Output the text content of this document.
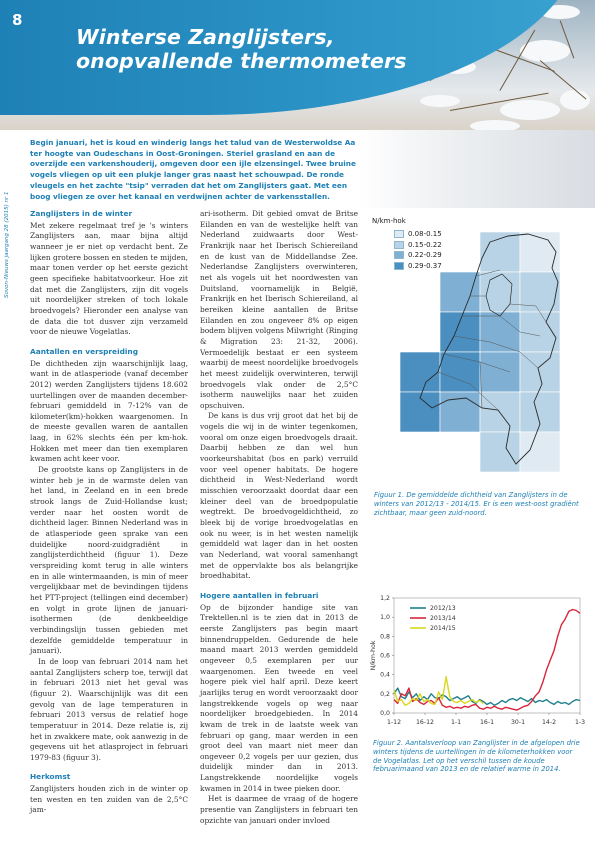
8
Winterse Zanglijsters,
onopvallende thermometers
Sovon-Nieuws jaargang 28 (2015) nr 1
Begin januari, het is koud en winderig langs het talud van de Westerwoldse Aa ter hoogte van Oudeschans in Oost-Groningen. Steriel grasland en aan de overzijde een varkenshouderij, omgeven door een ijle elzensingel. Twee bruine vogels vliegen op uit een plukje langer gras naast het schouwpad. De ronde vleugels en het zachte "tsip" verraden dat het om Zanglijsters gaat. Met een boog vliegen ze over het kanaal en verdwijnen achter de varkensstallen.
Zanglijsters in de winter

Met zekere regelmaat tref je 's winters Zanglijsters aan, maar bijna altijd wanneer je er niet op verdacht bent. Ze lijken grotere bossen en steden te mijden, maar tonen verder op het eerste gezicht geen specifieke habitatvoorkeur. Hoe zit dat met die Zanglijsters, zijn dit vogels uit noordelijker streken of toch lokale broedvogels? Hieronder een analyse van de data die tot dusver zijn verzameld voor de nieuwe Vogelatlas.

Aantallen en verspreiding

De dichtheden zijn waarschijnlijk laag, want in de atlasperiode (vanaf december 2012) werden Zanglijsters tijdens 18.602 uurtellingen over de maanden december-februari gemiddeld in 7-12% van de kilometer(km)-hokken waargenomen. In de meeste gevallen waren de aantallen laag, in 62% slechts één per km-hok. Hokken met meer dan tien exemplaren kwamen acht keer voor.

De grootste kans op Zanglijsters in de winter heb je in de warmste delen van het land, in Zeeland en in een brede strook langs de Zuid-Hollandse kust; verder naar het oosten wordt de dichtheid lager. Binnen Nederland was in de atlasperiode geen sprake van een duidelijke noord-zuidgradiënt in zanglijsterdichtheid (figuur 1). Deze verspreiding komt terug in alle winters en in alle wintermaanden, is min of meer vergelijkbaar met de bevindingen tijdens het PTT-project (tellingen eind december) en volgt in grote lijnen de januari-isothermen (de denkbeeldige verbindingslijn tussen gebieden met dezelfde gemiddelde temperatuur in januari).

In de loop van februari 2014 nam het aantal Zanglijsters scherp toe, terwijl dat in februari 2013 niet het geval was (figuur 2). Waarschijnlijk was dit een gevolg van de lage temperaturen in februari 2013 versus de relatief hoge temperatuur in 2014. Deze relatie is, zij het in zwakkere mate, ook aanwezig in de gegevens uit het atlasproject in februari 1979-83 (figuur 3).

Herkomst

Zanglijsters houden zich in de winter op ten westen en ten zuiden van de 2,5°C jam-

ari-isotherm. Dit gebied omvat de Britse Eilanden en van de westelijke helft van Nederland zuidwaarts door West-Frankrijk naar het Iberisch Schiereiland en de kust van de Middellandse Zee. Nederlandse Zanglijsters overwinteren, net als vogels uit het noordwesten van Duitsland, voornamelijk in België, Frankrijk en het Iberisch Schiereiland, al bereiken kleine aantallen de Britse Eilanden en zou ongeveer 8% op eigen bodem blijven volgens Milwright (Ringing & Migration 23: 21-32, 2006). Vermoedelijk bestaat er een systeem waarbij de meest noordelijke broedvogels het meest zuidelijk overwinteren, terwijl broedvogels vlak onder de 2,5°C isotherm nauwelijks naar het zuiden opschuiven.

De kans is dus vrij groot dat het bij de vogels die wij in de winter tegenkomen, vooral om onze eigen broedvogels draait. Daarbij hebben ze dan wel hun voorkeurshabitat (bos en park) verruild voor veel opener habitats. De hogere dichtheid in West-Nederland wordt misschien veroorzaakt doordat daar een kleiner deel van de broedpopulatie wegtrekt. De broedvogeldichtheid, zo bleek bij de vorige broedvogelatlas en ook nu weer, is in het westen namelijk gemiddeld wat lager dan in het oosten van Nederland, wat vooral samenhangt met de oppervlakte bos als belangrijke broedhabitat.

Hogere aantallen in februari

Op de bijzonder handige site van Trektellen.nl is te zien dat in 2013 de eerste Zanglijsters pas begin maart binnendruppelden. Gedurende de hele maand maart 2013 werden gemiddeld ongeveer 0,5 exemplaren per uur waargenomen. Een tweede en veel hogere piek viel half april. Deze keert jaarlijks terug en wordt veroorzaakt door langstrekkende vogels op weg naar noordelijker broedgebieden. In 2014 kwam de trek in de laatste week van februari op gang, maar werden in een groot deel van maart niet meer dan ongeveer 0,2 vogels per uur gezien, dus duidelijk minder dan in 2013. Langstrekkende noordelijke vogels kwamen in 2014 in twee pieken door.

Het is daarmee de vraag of de hogere presentie van Zanglijsters in februari ten opzichte van januari onder invloed

N/km-hok
0.08-0.15
0.15-0.22
0.22-0.29
0.29-0.37
Figuur 1. De gemiddelde dichtheid van Zanglijsters in de winters van 2012/13 - 2014/15. Er is een west-oost gradiënt zichtbaar, maar geen zuid-noord.
0,0
0,2
0,4
0,6
0,8
1,0
1,2
1-12 16-12	1-1	16-1	30-1	14-2	1-3
N/km-hok
2012/13
2013/14
2014/15
Figuur 2. Aantalsverloop van Zanglijster in de afgelopen drie winters tijdens de uurtellingen in de kilometerhokken voor de Vogelatlas. Let op het verschil tussen de koude februarimaand van 2013 en de relatief warme in 2014.
